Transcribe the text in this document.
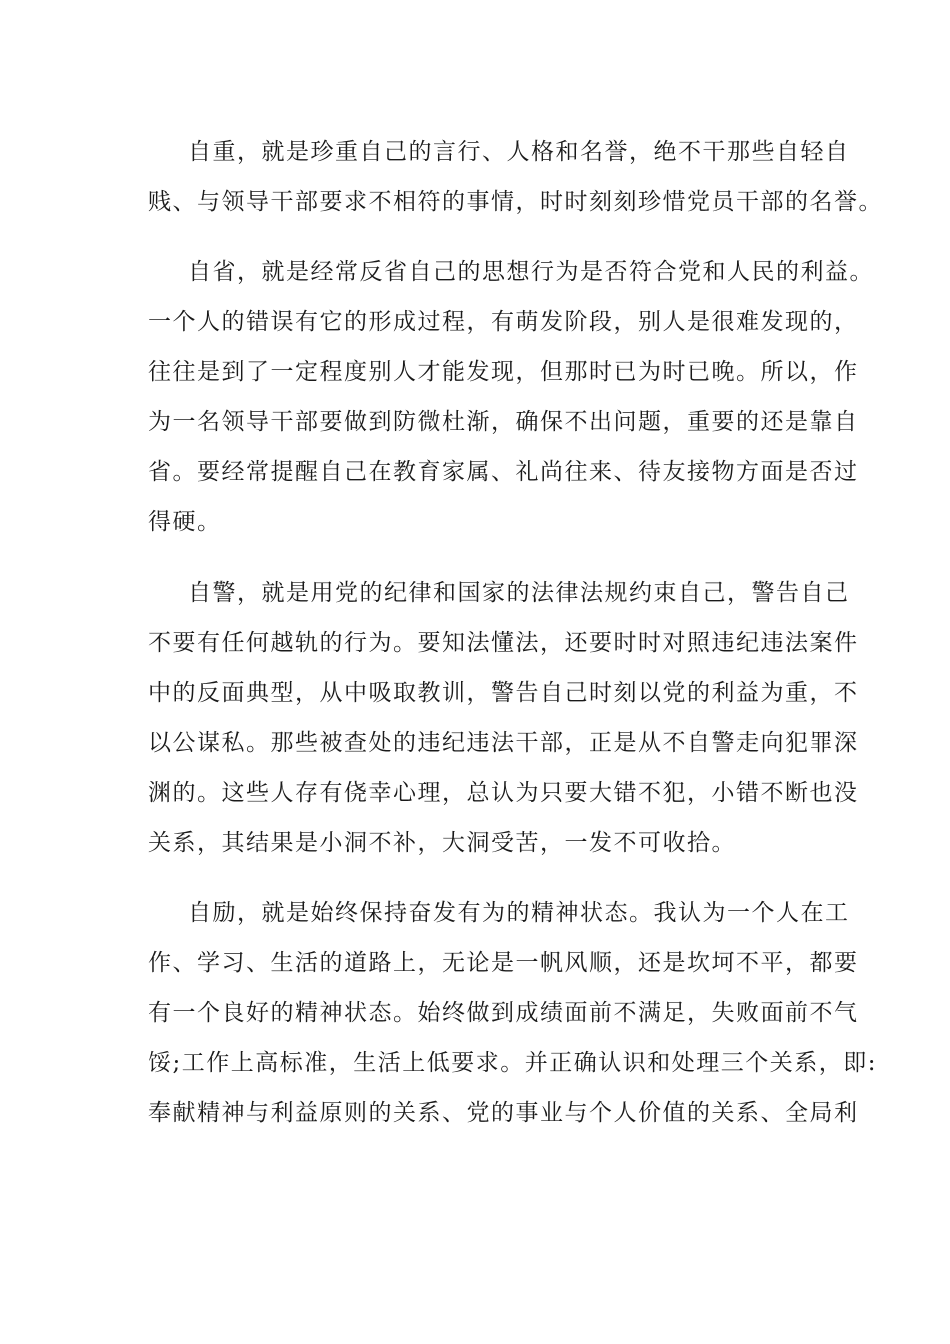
自重，就是珍重自己的言行、人格和名誉，绝不干那些自轻自
贱、与领导干部要求不相符的事情，时时刻刻珍惜党员干部的名誉。
自省，就是经常反省自己的思想行为是否符合党和人民的利益。
一个人的错误有它的形成过程，有萌发阶段，别人是很难发现的，
往往是到了一定程度别人才能发现，但那时已为时已晚。所以，作
为一名领导干部要做到防微杜渐，确保不出问题，重要的还是靠自
省。要经常提醒自己在教育家属、礼尚往来、待友接物方面是否过
得硬。
自警，就是用党的纪律和国家的法律法规约束自己，警告自己
不要有任何越轨的行为。要知法懂法，还要时时对照违纪违法案件
中的反面典型，从中吸取教训，警告自己时刻以党的利益为重，不
以公谋私。那些被查处的违纪违法干部，正是从不自警走向犯罪深
渊的。这些人存有侥幸心理，总认为只要大错不犯，小错不断也没
关系，其结果是小洞不补，大洞受苦，一发不可收拾。
自励，就是始终保持奋发有为的精神状态。我认为一个人在工
作、学习、生活的道路上，无论是一帆风顺，还是坎坷不平，都要
有一个良好的精神状态。始终做到成绩面前不满足，失败面前不气
馁;工作上高标准，生活上低要求。并正确认识和处理三个关系，即:
奉献精神与利益原则的关系、党的事业与个人价值的关系、全局利
